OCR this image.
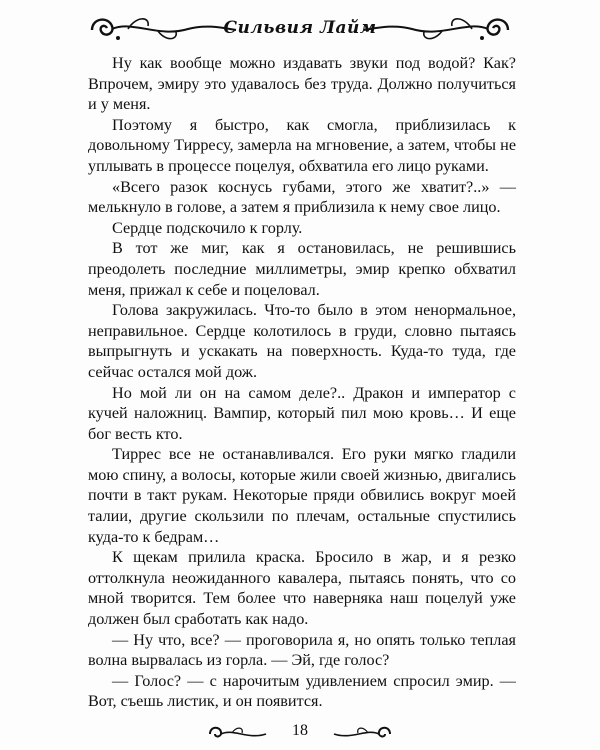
Сильвия Лайм

Ну как вообще можно издавать звуки под водой? Как? Впрочем, эмиру это удавалось без труда. Должно получиться и у меня.

Поэтому я быстро, как смогла, приблизилась к довольному Тирресу, замерла на мгновение, а затем, чтобы не уплывать в процессе поцелуя, обхватила его лицо руками.

«Всего разок коснусь губами, этого же хватит?..» — мелькнуло в голове, а затем я приблизила к нему свое лицо.

Сердце подскочило к горлу.

В тот же миг, как я остановилась, не решившись преодолеть последние миллиметры, эмир крепко обхватил меня, прижал к себе и поцеловал.

Голова закружилась. Что-то было в этом ненормальное, неправильное. Сердце колотилось в груди, словно пытаясь выпрыгнуть и ускакать на поверхность. Куда-то туда, где сейчас остался мой дож.

Но мой ли он на самом деле?.. Дракон и император с кучей наложниц. Вампир, который пил мою кровь… И еще бог весть кто.

Тиррес все не останавливался. Его руки мягко гладили мою спину, а волосы, которые жили своей жизнью, двигались почти в такт рукам. Некоторые пряди обвились вокруг моей талии, другие скользили по плечам, остальные спустились куда-то к бедрам…

К щекам прилила краска. Бросило в жар, и я резко оттолкнула неожиданного кавалера, пытаясь понять, что со мной творится. Тем более что наверняка наш поцелуй уже должен был сработать как надо.

— Ну что, все? — проговорила я, но опять только теплая волна вырвалась из горла. — Эй, где голос?

— Голос? — с нарочитым удивлением спросил эмир. — Вот, съешь листик, и он появится.

18
